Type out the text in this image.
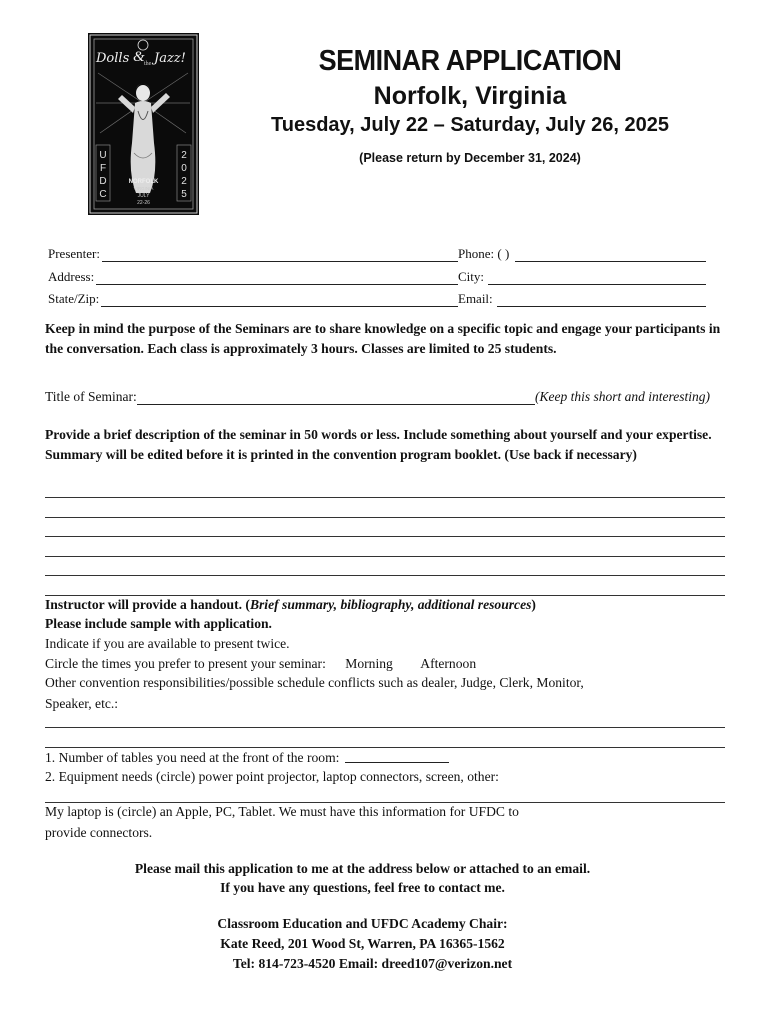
Dolls & the Jazz!
UFDC
2025
NORFOLK
VIRGINIA
JULY
22-26
SEMINAR APPLICATION
Norfolk, Virginia
Tuesday, July 22 – Saturday, July 26, 2025
(Please return by December 31, 2024)
Presenter:	Phone: ( )
Address:	City:
State/Zip:	Email:
Keep in mind the purpose of the Seminars are to share knowledge on a specific topic and engage your participants in the conversation. Each class is approximately 3 hours. Classes are limited to 25 students.
Title of Seminar:	(Keep this short and interesting)
Provide a brief description of the seminar in 50 words or less. Include something about yourself and your expertise. Summary will be edited before it is printed in the convention program booklet. (Use back if necessary)
Instructor will provide a handout. (Brief summary, bibliography, additional resources)
Please include sample with application.
Indicate if you are available to present twice.
Circle the times you prefer to present your seminar: Morning Afternoon
Other convention responsibilities/possible schedule conflicts such as dealer, Judge, Clerk, Monitor,
Speaker, etc.:
1. Number of tables you need at the front of the room:
2. Equipment needs (circle) power point projector, laptop connectors, screen, other:
My laptop is (circle) an Apple, PC, Tablet. We must have this information for UFDC to
provide connectors.
Please mail this application to me at the address below or attached to an email.
If you have any questions, feel free to contact me.
Classroom Education and UFDC Academy Chair:
Kate Reed, 201 Wood St, Warren, PA 16365-1562
Tel: 814-723-4520 Email: dreed107@verizon.net
